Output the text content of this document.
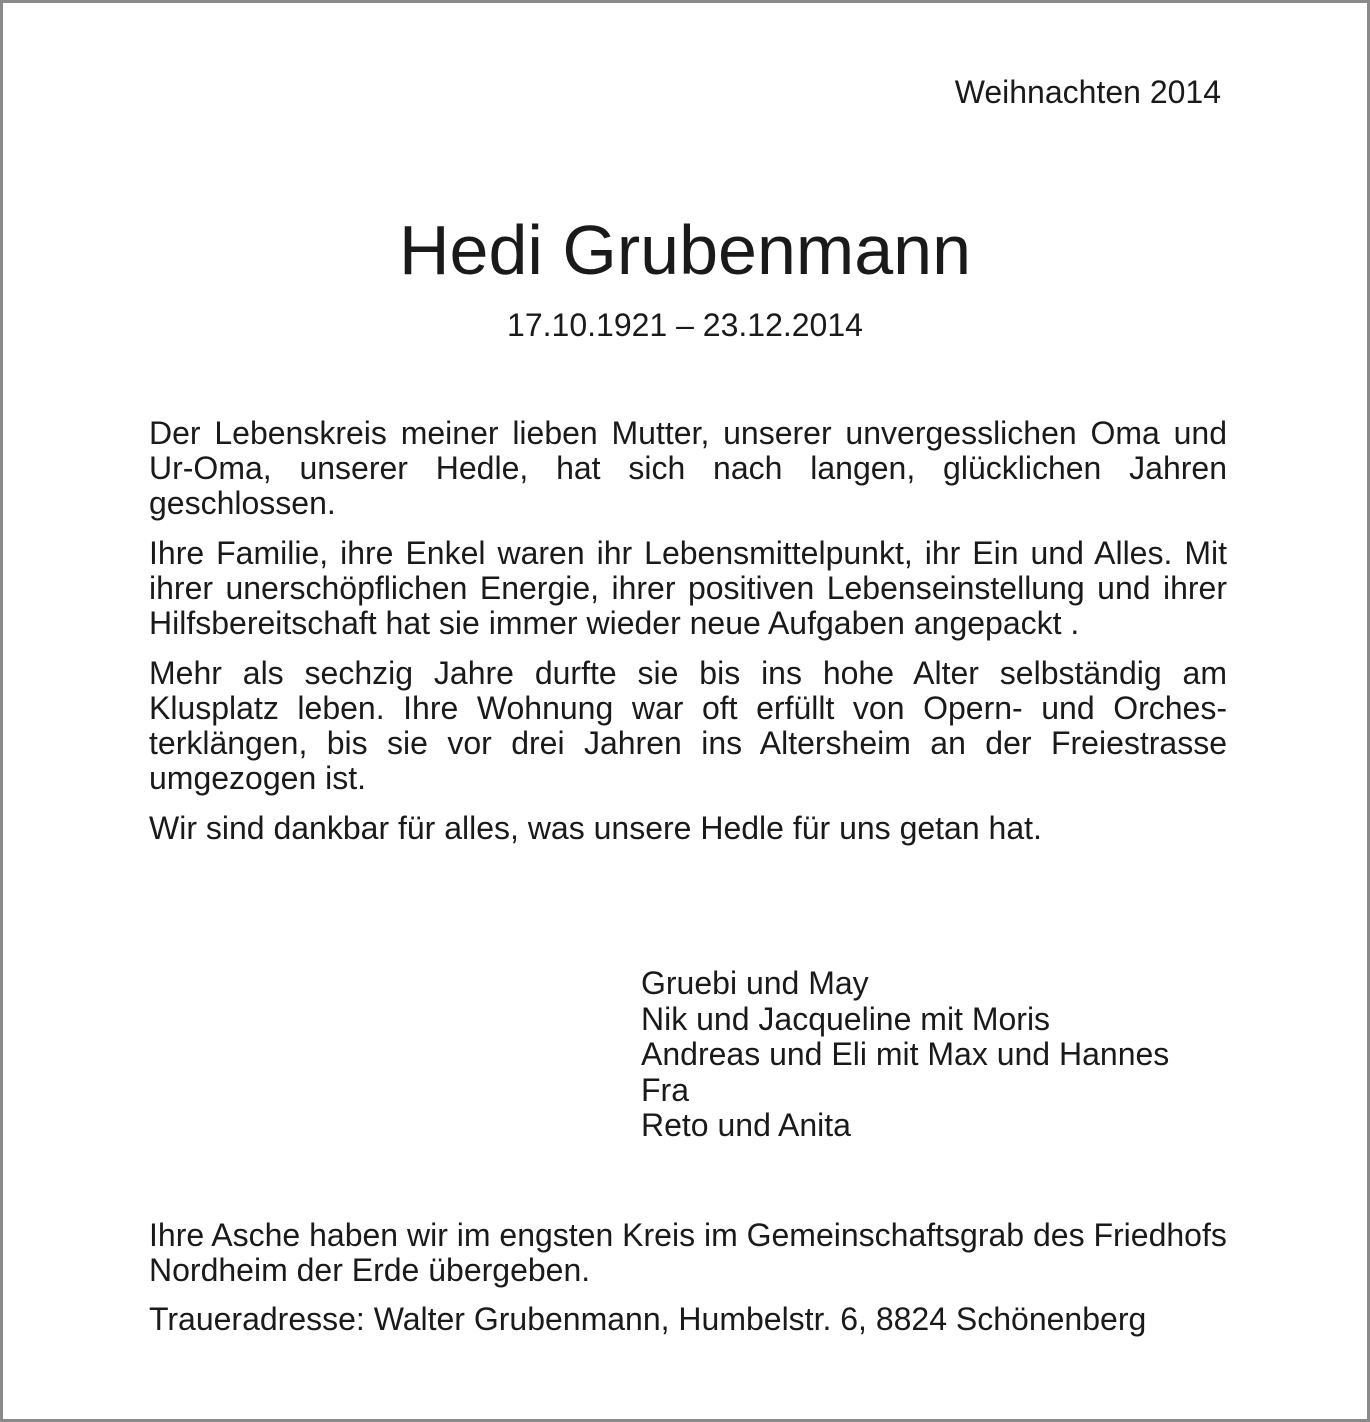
Weihnachten 2014
Hedi Grubenmann
17.10.1921 – 23.12.2014

Der Lebenskreis meiner lieben Mutter, unserer unvergesslichen Oma und Ur-Oma, unserer Hedle, hat sich nach langen, glücklichen Jahren geschlossen.

Ihre Familie, ihre Enkel waren ihr Lebensmittelpunkt, ihr Ein und Alles. Mit ihrer unerschöpflichen Energie, ihrer positiven Lebenseinstellung und ihrer Hilfsbereitschaft hat sie immer wieder neue Aufgaben angepackt .

Mehr als sechzig Jahre durfte sie bis ins hohe Alter selbständig am Klusplatz leben. Ihre Wohnung war oft erfüllt von Opern- und Orchesterklängen, bis sie vor drei Jahren ins Altersheim an der Freiestrasse umgezogen ist.

Wir sind dankbar für alles, was unsere Hedle für uns getan hat.

Gruebi und May
Nik und Jacqueline mit Moris
Andreas und Eli mit Max und Hannes
Fra
Reto und Anita

Ihre Asche haben wir im engsten Kreis im Gemeinschaftsgrab des Friedhofs Nordheim der Erde übergeben.

Traueradresse: Walter Grubenmann, Humbelstr. 6, 8824 Schönenberg
